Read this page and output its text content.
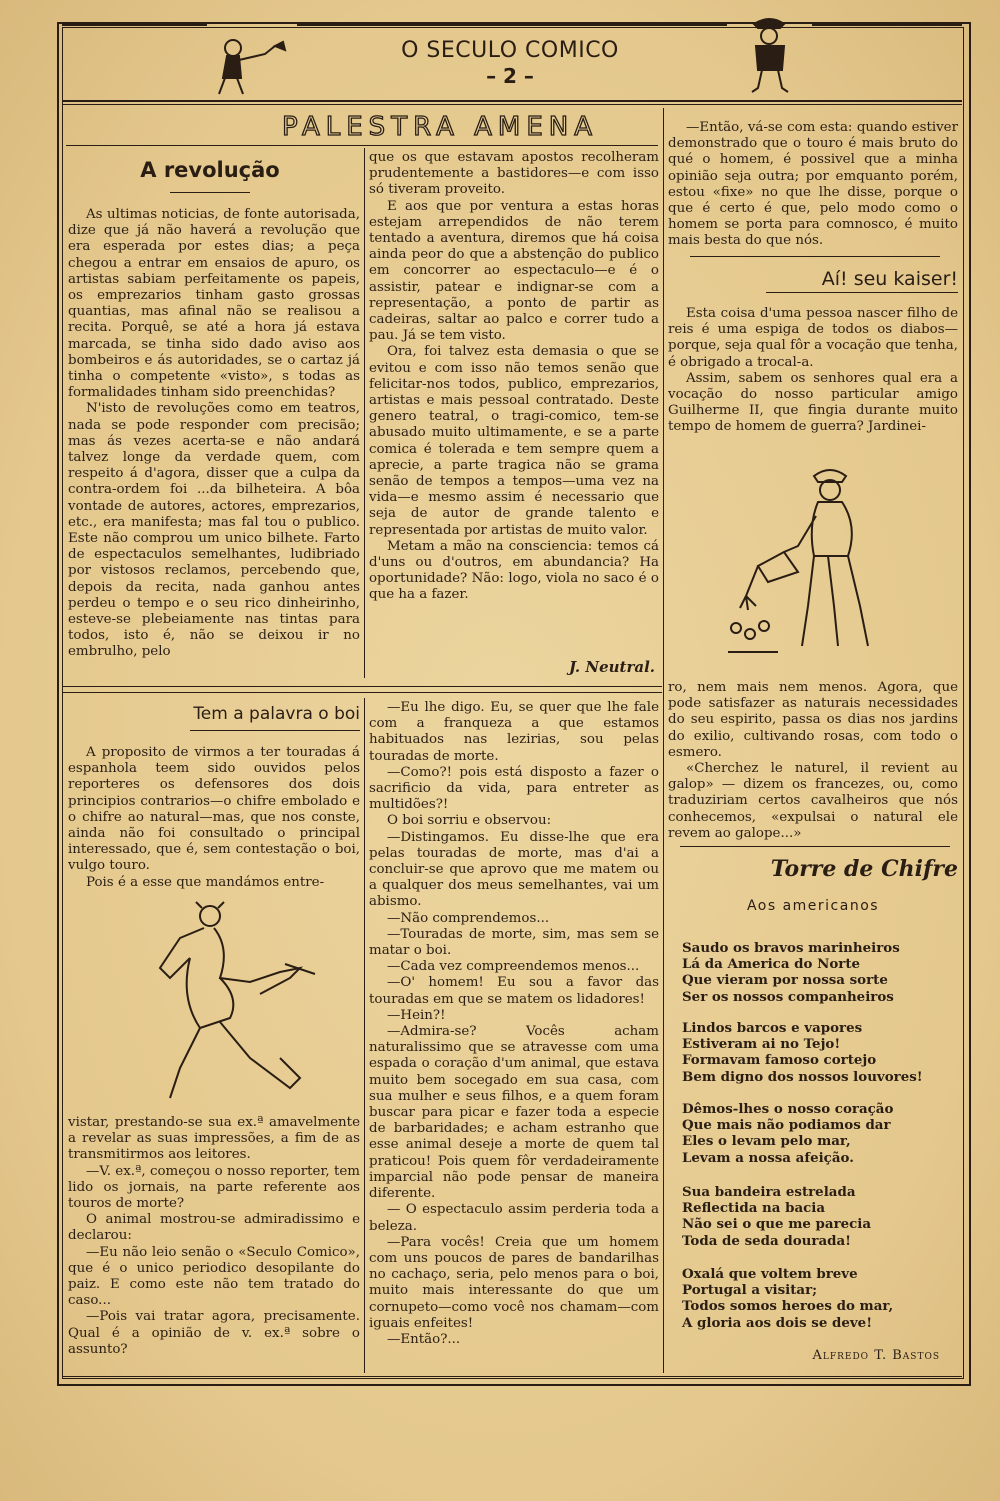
O SECULO COMICO
– 2 –
PALESTRA AMENA
A revolução

As ultimas noticias, de fonte autorisada, dize que já não haverá a revolução que era esperada por estes dias; a peça chegou a entrar em ensaios de apuro, os artistas sabiam perfeitamente os papeis, os emprezarios tinham gasto grossas quantias, mas afinal não se realisou a recita. Porquê, se até a hora já estava marcada, se tinha sido dado aviso aos bombeiros e ás autoridades, se o cartaz já tinha o competente «visto», s todas as formalidades tinham sido preenchidas?

N'isto de revoluções como em teatros, nada se pode responder com precisão; mas ás vezes acerta-se e não andará talvez longe da verdade quem, com respeito á d'agora, disser que a culpa da contra-ordem foi ...da bilheteira. A bôa vontade de autores, actores, emprezarios, etc., era manifesta; mas fal tou o publico. Este não comprou um unico bilhete. Farto de espectaculos semelhantes, ludibriado por vistosos reclamos, percebendo que, depois da recita, nada ganhou antes perdeu o tempo e o seu rico dinheirinho, esteve-se plebeiamente nas tintas para todos, isto é, não se deixou ir no embrulho, pelo

que os que estavam apostos recolheram prudentemente a bastidores—e com isso só tiveram proveito.

E aos que por ventura a estas horas estejam arrependidos de não terem tentado a aventura, diremos que há coisa ainda peor do que a abstenção do publico em concorrer ao espectaculo—e é o assistir, patear e indignar-se com a representação, a ponto de partir as cadeiras, saltar ao palco e correr tudo a pau. Já se tem visto.

Ora, foi talvez esta demasia o que se evitou e com isso não temos senão que felicitar-nos todos, publico, emprezarios, artistas e mais pessoal contratado. Deste genero teatral, o tragi-comico, tem-se abusado muito ultimamente, e se a parte comica é tolerada e tem sempre quem a aprecie, a parte tragica não se grama senão de tempos a tempos—uma vez na vida—e mesmo assim é necessario que seja de autor de grande talento e representada por artistas de muito valor.

Metam a mão na consciencia: temos cá d'uns ou d'outros, em abundancia? Ha oportunidade? Não: logo, viola no saco é o que ha a fazer.

J. Neutral.

—Então, vá-se com esta: quando estiver demonstrado que o touro é mais bruto do qué o homem, é possivel que a minha opinião seja outra; por emquanto porém, estou «fixe» no que lhe disse, porque o que é certo é que, pelo modo como o homem se porta para comnosco, é muito mais besta do que nós.

Aí! seu kaiser!

Esta coisa d'uma pessoa nascer filho de reis é uma espiga de todos os diabos—porque, seja qual fôr a vocação que tenha, é obrigado a trocal-a.

Assim, sabem os senhores qual era a vocação do nosso particular amigo Guilherme II, que fingia durante muito tempo de homem de guerra? Jardinei-

ro, nem mais nem menos. Agora, que pode satisfazer as naturais necessidades do seu espirito, passa os dias nos jardins do exilio, cultivando rosas, com todo o esmero.

«Cherchez le naturel, il revient au galop» — dizem os francezes, ou, como traduziriam certos cavalheiros que nós conhecemos, «expulsai o natural ele revem ao galope...»

Tem a palavra o boi

A proposito de virmos a ter touradas á espanhola teem sido ouvidos pelos reporteres os defensores dos dois principios contrarios—o chifre embolado e o chifre ao natural—mas, que nos conste, ainda não foi consultado o principal interessado, que é, sem contestação o boi, vulgo touro.

Pois é a esse que mandámos entre-

vistar, prestando-se sua ex.ª amavelmente a revelar as suas impressões, a fim de as transmitirmos aos leitores.

—V. ex.ª, começou o nosso reporter, tem lido os jornais, na parte referente aos touros de morte?

O animal mostrou-se admiradissimo e declarou:

—Eu não leio senão o «Seculo Comico», que é o unico periodico desopilante do paiz. E como este não tem tratado do caso...

—Pois vai tratar agora, precisamente. Qual é a opinião de v. ex.ª sobre o assunto?

—Eu lhe digo. Eu, se quer que lhe fale com a franqueza a que estamos habituados nas lezirias, sou pelas touradas de morte.

—Como?! pois está disposto a fazer o sacrificio da vida, para entreter as multidões?!

O boi sorriu e observou:

—Distingamos. Eu disse-lhe que era pelas touradas de morte, mas d'ai a concluir-se que aprovo que me matem ou a qualquer dos meus semelhantes, vai um abismo.

—Não comprendemos...

—Touradas de morte, sim, mas sem se matar o boi.

—Cada vez compreendemos menos...

—O' homem! Eu sou a favor das touradas em que se matem os lidadores!

—Hein?!

—Admira-se? Vocês acham naturalissimo que se atravesse com uma espada o coração d'um animal, que estava muito bem socegado em sua casa, com sua mulher e seus filhos, e a quem foram buscar para picar e fazer toda a especie de barbaridades; e acham estranho que esse animal deseje a morte de quem tal praticou! Pois quem fôr verdadeiramente imparcial não pode pensar de maneira diferente.

— O espectaculo assim perderia toda a beleza.

—Para vocês! Creia que um homem com uns poucos de pares de bandarilhas no cachaço, seria, pelo menos para o boi, muito mais interessante do que um cornupeto—como você nos chamam—com iguais enfeites!

—Então?...

Torre de Chifre
Aos americanos
Saudo os bravos marinheiros
Lá da America do Norte
Que vieram por nossa sorte
Ser os nossos companheiros
Lindos barcos e vapores
Estiveram ai no Tejo!
Formavam famoso cortejo
Bem digno dos nossos louvores!
Dêmos-lhes o nosso coração
Que mais não podiamos dar
Eles o levam pelo mar,
Levam a nossa afeição.
Sua bandeira estrelada
Reflectida na bacia
Não sei o que me parecia
Toda de seda dourada!
Oxalá que voltem breve
Portugal a visitar;
Todos somos heroes do mar,
A gloria aos dois se deve!
Alfredo T. Bastos
